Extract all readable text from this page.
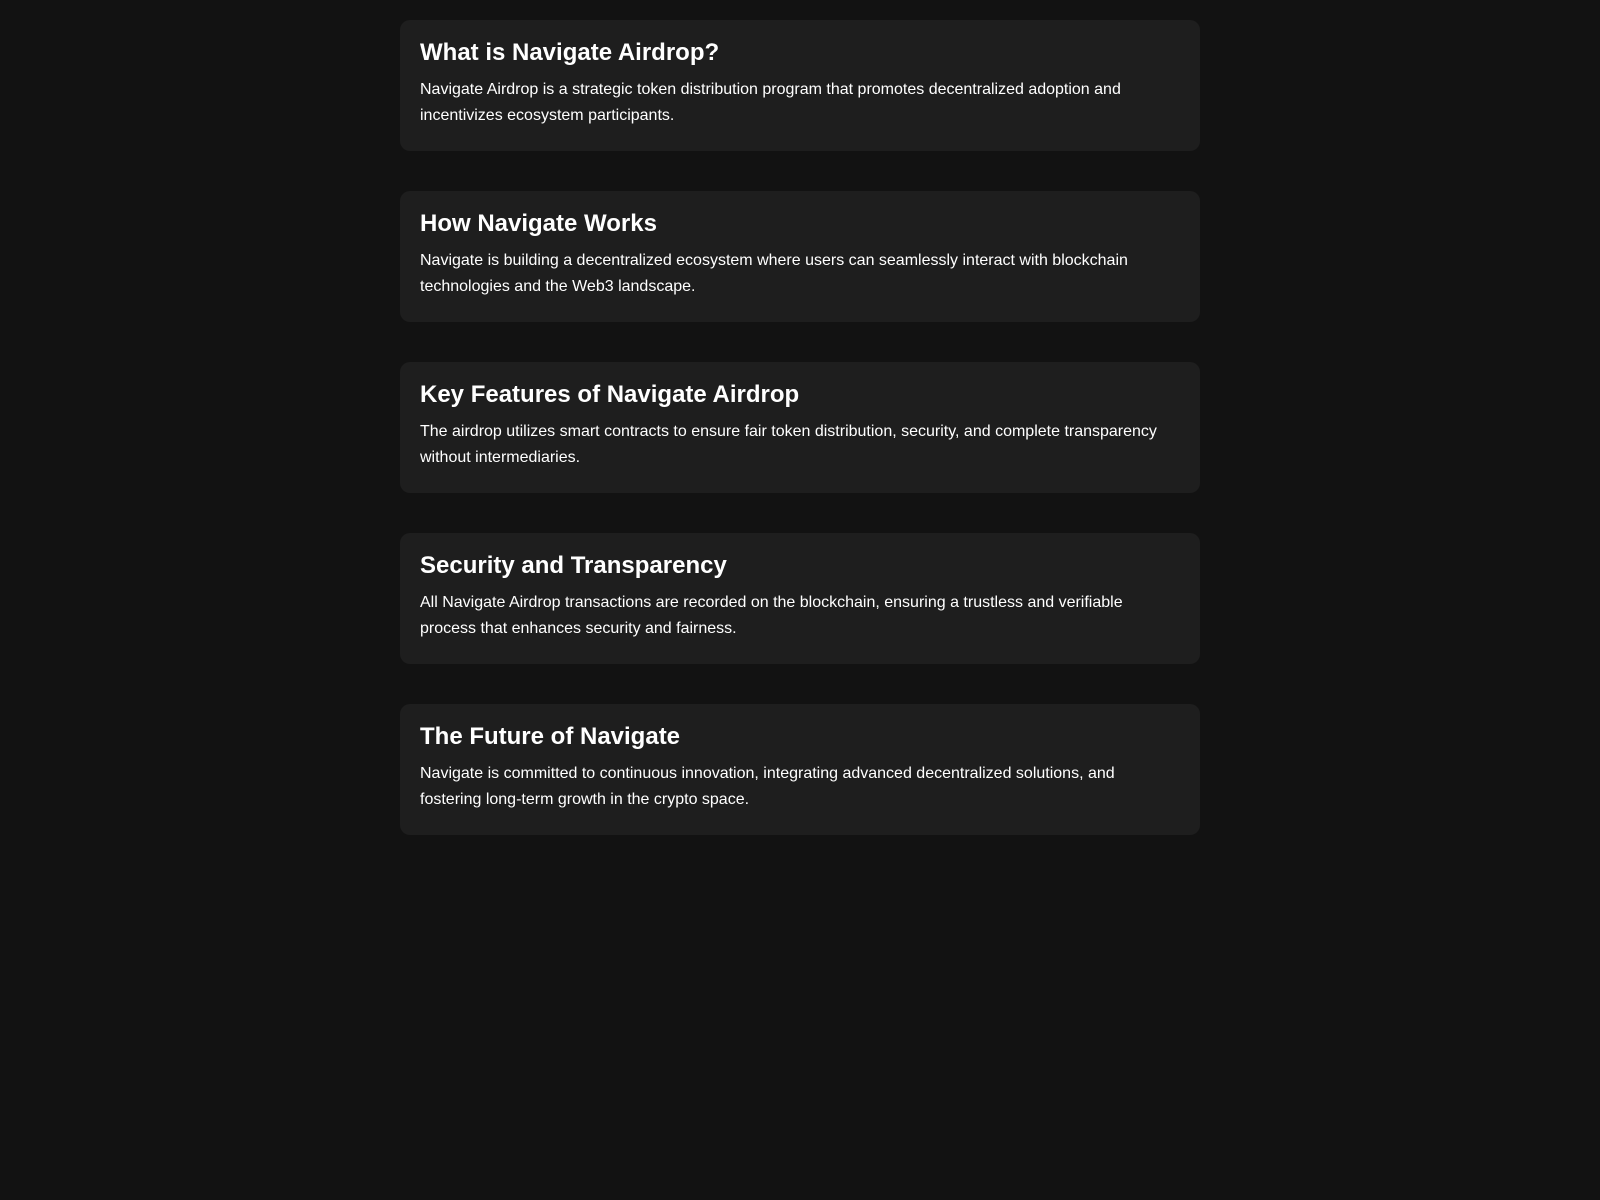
What is Navigate Airdrop?

Navigate Airdrop is a strategic token distribution program that promotes decentralized adoption and incentivizes ecosystem participants.

How Navigate Works

Navigate is building a decentralized ecosystem where users can seamlessly interact with blockchain technologies and the Web3 landscape.

Key Features of Navigate Airdrop

The airdrop utilizes smart contracts to ensure fair token distribution, security, and complete transparency without intermediaries.

Security and Transparency

All Navigate Airdrop transactions are recorded on the blockchain, ensuring a trustless and verifiable process that enhances security and fairness.

The Future of Navigate

Navigate is committed to continuous innovation, integrating advanced decentralized solutions, and fostering long-term growth in the crypto space.
